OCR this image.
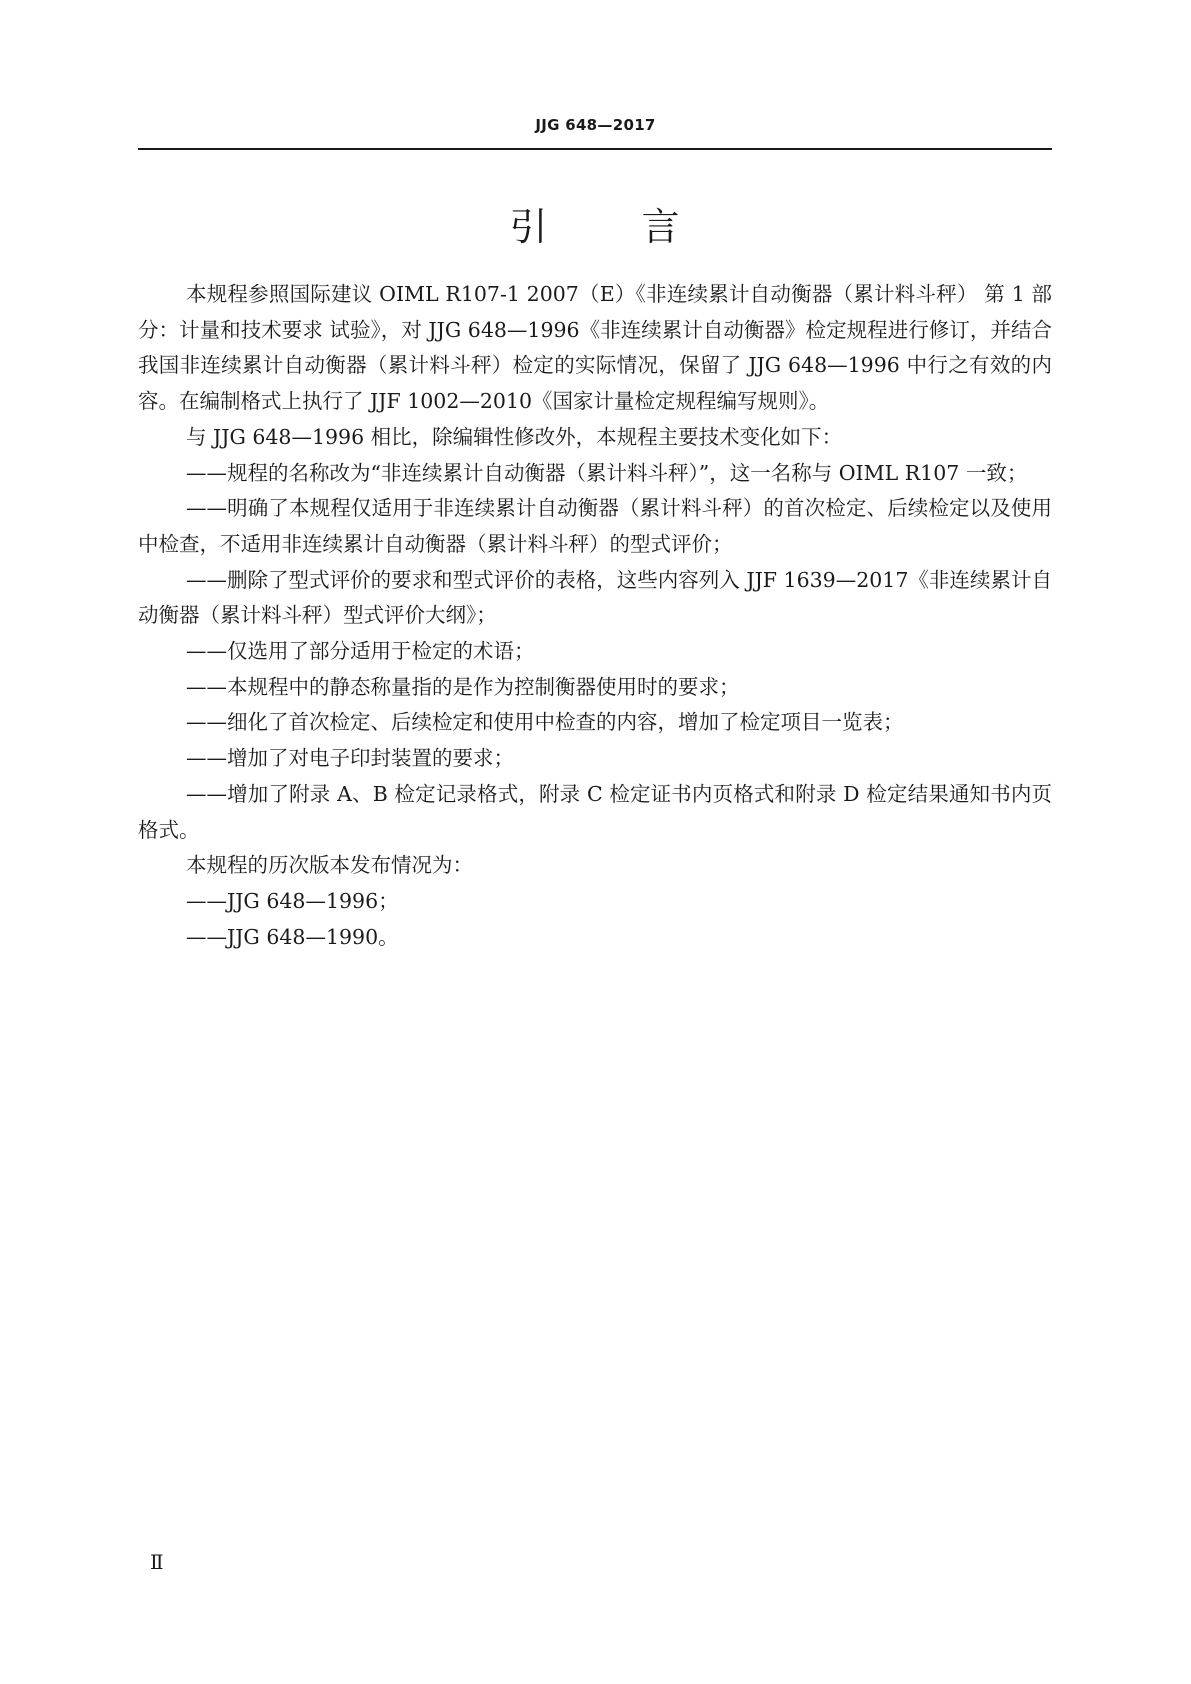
JJG 648—2017
引 言

本规程参照国际建议 OIML R107-1 2007（E）《非连续累计自动衡器（累计料斗秤） 第 1 部分：计量和技术要求 试验》，对 JJG 648—1996《非连续累计自动衡器》检定规程进行修订，并结合我国非连续累计自动衡器（累计料斗秤）检定的实际情况，保留了 JJG 648—1996 中行之有效的内容。在编制格式上执行了 JJF 1002—2010《国家计量检定规程编写规则》。

与 JJG 648—1996 相比，除编辑性修改外，本规程主要技术变化如下：

——规程的名称改为“非连续累计自动衡器（累计料斗秤）”，这一名称与 OIML R107 一致；

——明确了本规程仅适用于非连续累计自动衡器（累计料斗秤）的首次检定、后续检定以及使用中检查，不适用非连续累计自动衡器（累计料斗秤）的型式评价；

——删除了型式评价的要求和型式评价的表格，这些内容列入 JJF 1639—2017《非连续累计自动衡器（累计料斗秤）型式评价大纲》；

——仅选用了部分适用于检定的术语；

——本规程中的静态称量指的是作为控制衡器使用时的要求；

——细化了首次检定、后续检定和使用中检查的内容，增加了检定项目一览表；

——增加了对电子印封装置的要求；

——增加了附录 A、B 检定记录格式，附录 C 检定证书内页格式和附录 D 检定结果通知书内页格式。

本规程的历次版本发布情况为：

——JJG 648—1996；

——JJG 648—1990。

Ⅱ
